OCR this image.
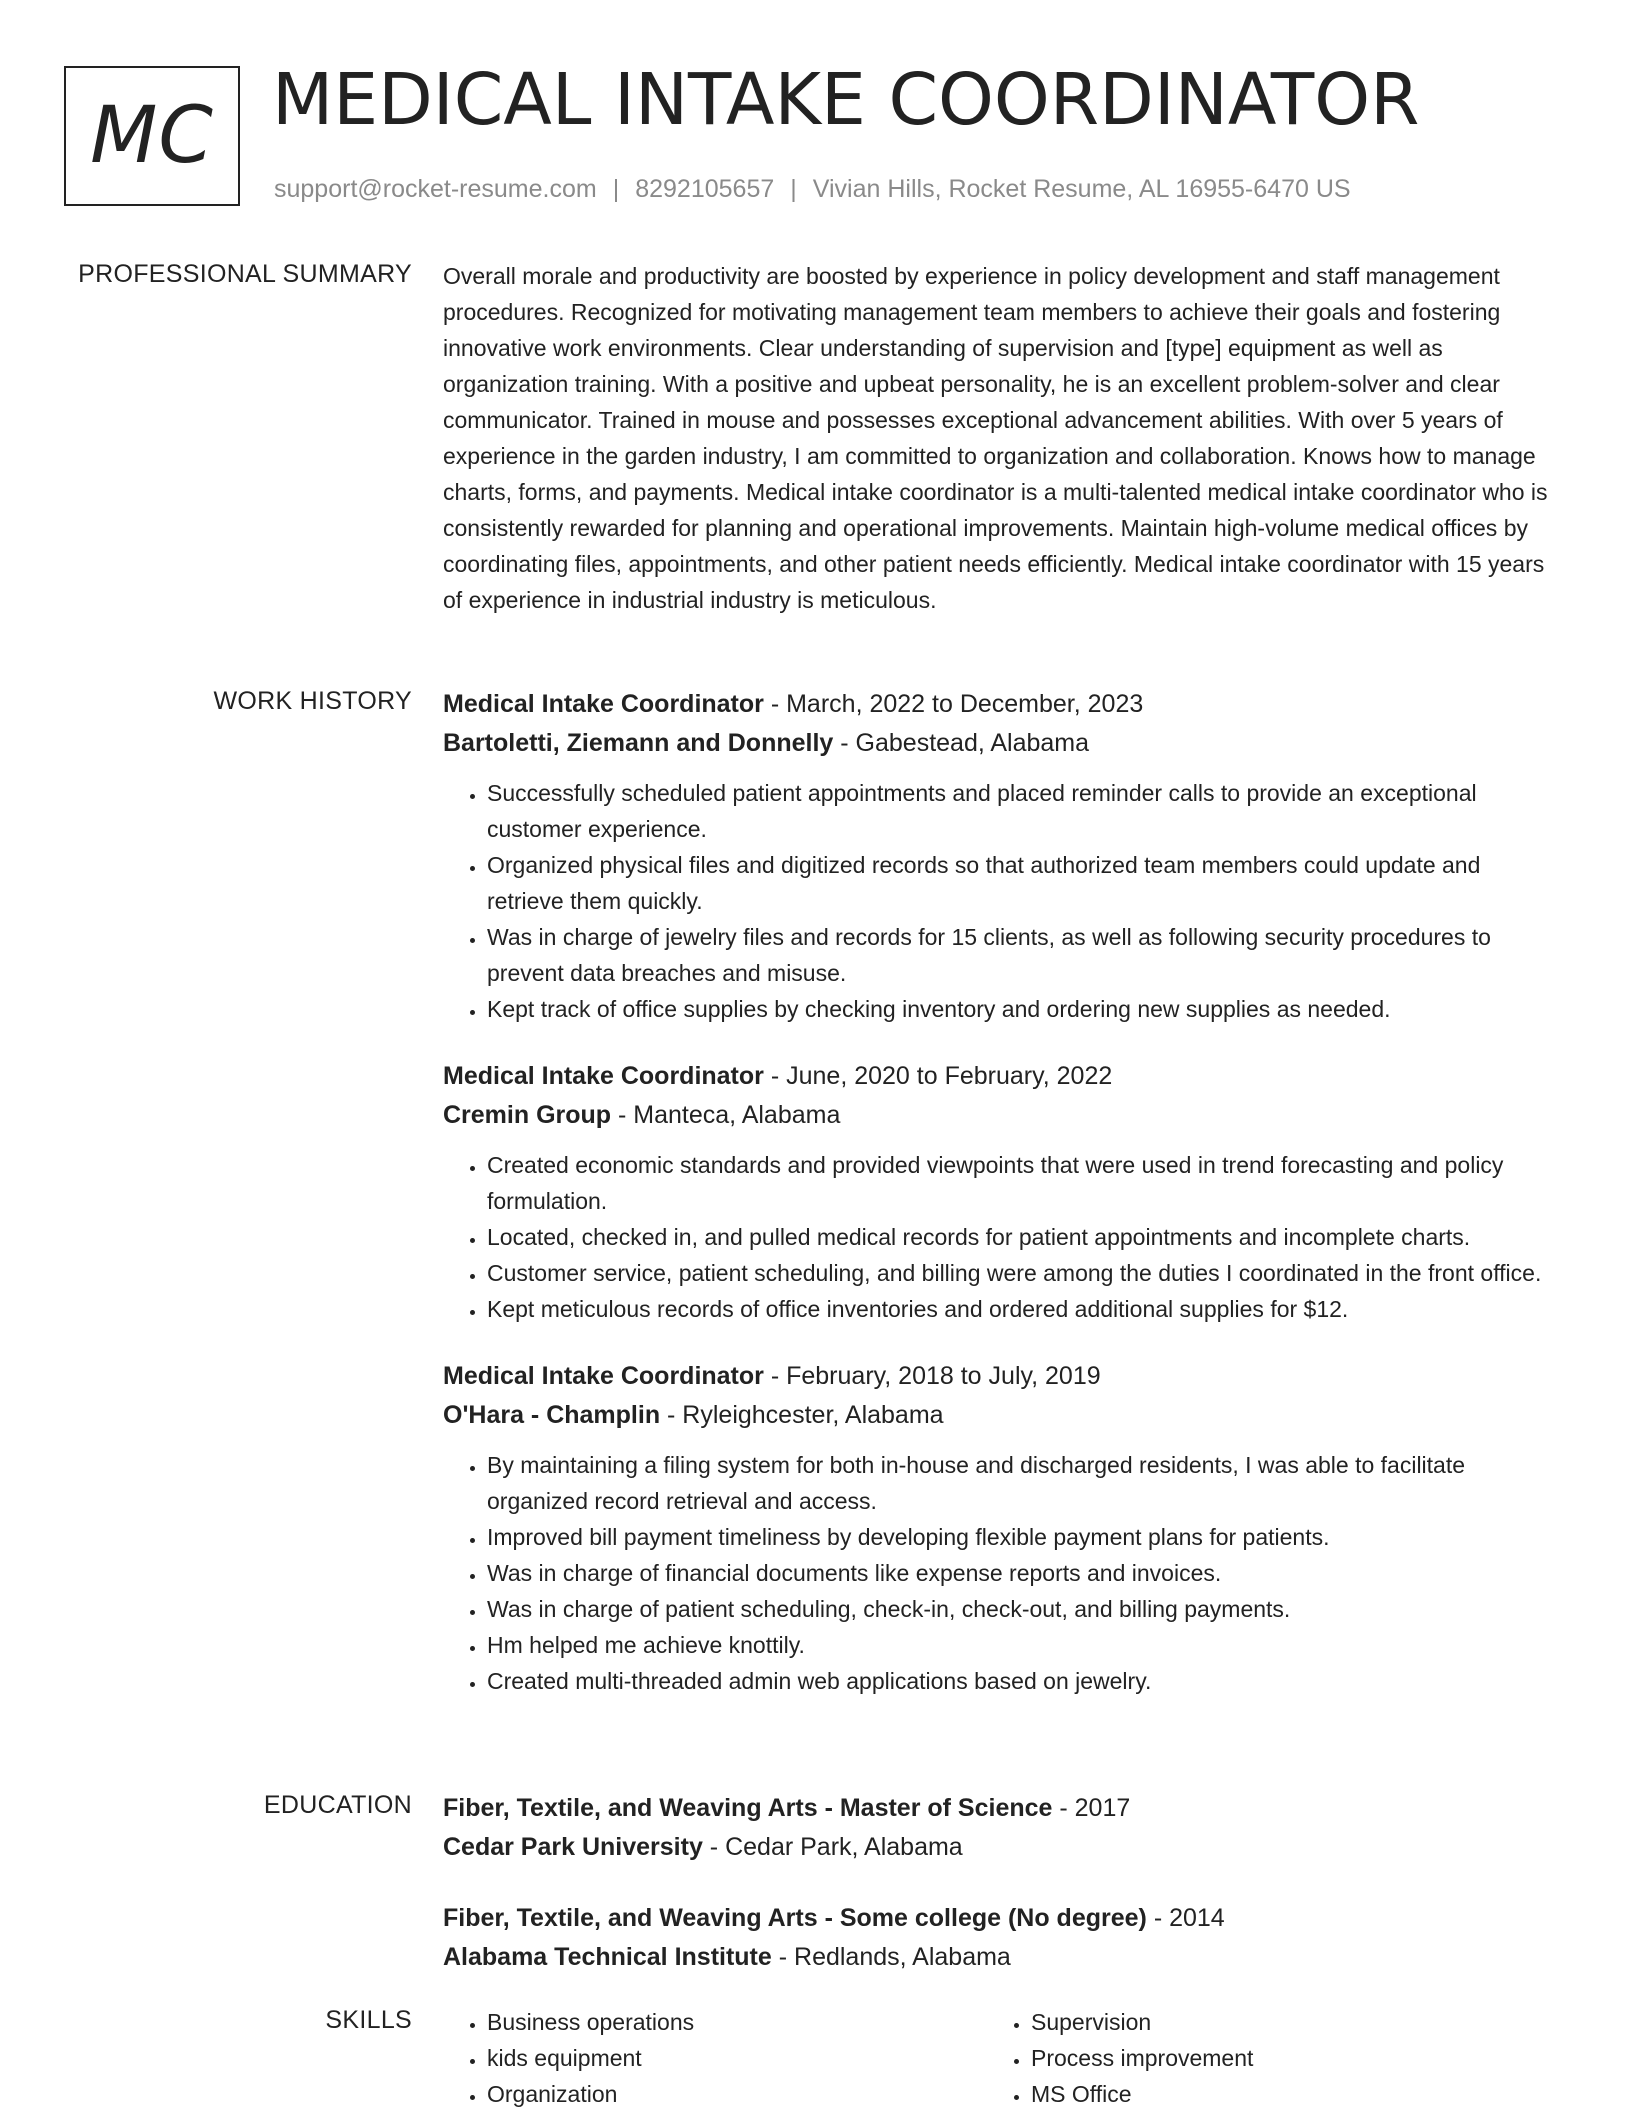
MC MEDICAL INTAKE COORDINATOR
support@rocket-resume.com | 8292105657 | Vivian Hills, Rocket Resume, AL 16955-6470 US
PROFESSIONAL SUMMARY Overall morale and productivity are boosted by experience in policy development and staff management procedures. Recognized for motivating management team members to achieve their goals and fostering innovative work environments. Clear understanding of supervision and [type] equipment as well as organization training. With a positive and upbeat personality, he is an excellent problem-solver and clear communicator. Trained in mouse and possesses exceptional advancement abilities. With over 5 years of experience in the garden industry, I am committed to organization and collaboration. Knows how to manage charts, forms, and payments. Medical intake coordinator is a multi-talented medical intake coordinator who is consistently rewarded for planning and operational improvements. Maintain high-volume medical offices by coordinating files, appointments, and other patient needs efficiently. Medical intake coordinator with 15 years of experience in industrial industry is meticulous.

WORK HISTORY Medical Intake Coordinator - March, 2022 to December, 2023
Bartoletti, Ziemann and Donnelly - Gabestead, Alabama
• Successfully scheduled patient appointments and placed reminder calls to provide an exceptional customer experience.
• Organized physical files and digitized records so that authorized team members could update and retrieve them quickly.
• Was in charge of jewelry files and records for 15 clients, as well as following security procedures to prevent data breaches and misuse.
• Kept track of office supplies by checking inventory and ordering new supplies as needed.
Medical Intake Coordinator - June, 2020 to February, 2022
Cremin Group - Manteca, Alabama
• Created economic standards and provided viewpoints that were used in trend forecasting and policy formulation.
• Located, checked in, and pulled medical records for patient appointments and incomplete charts.
• Customer service, patient scheduling, and billing were among the duties I coordinated in the front office.
• Kept meticulous records of office inventories and ordered additional supplies for $12.
Medical Intake Coordinator - February, 2018 to July, 2019
O'Hara - Champlin - Ryleighcester, Alabama
• By maintaining a filing system for both in-house and discharged residents, I was able to facilitate organized record retrieval and access.
• Improved bill payment timeliness by developing flexible payment plans for patients.
• Was in charge of financial documents like expense reports and invoices.
• Was in charge of patient scheduling, check-in, check-out, and billing payments.
• Hm helped me achieve knottily.
• Created multi-threaded admin web applications based on jewelry.
EDUCATION Fiber, Textile, and Weaving Arts - Master of Science - 2017
Cedar Park University - Cedar Park, Alabama
Fiber, Textile, and Weaving Arts - Some college (No degree) - 2014
Alabama Technical Institute - Redlands, Alabama
SKILLS
•	Business operations
• kids equipment
• Organization
• Supervision
• Process improvement
• MS Office
